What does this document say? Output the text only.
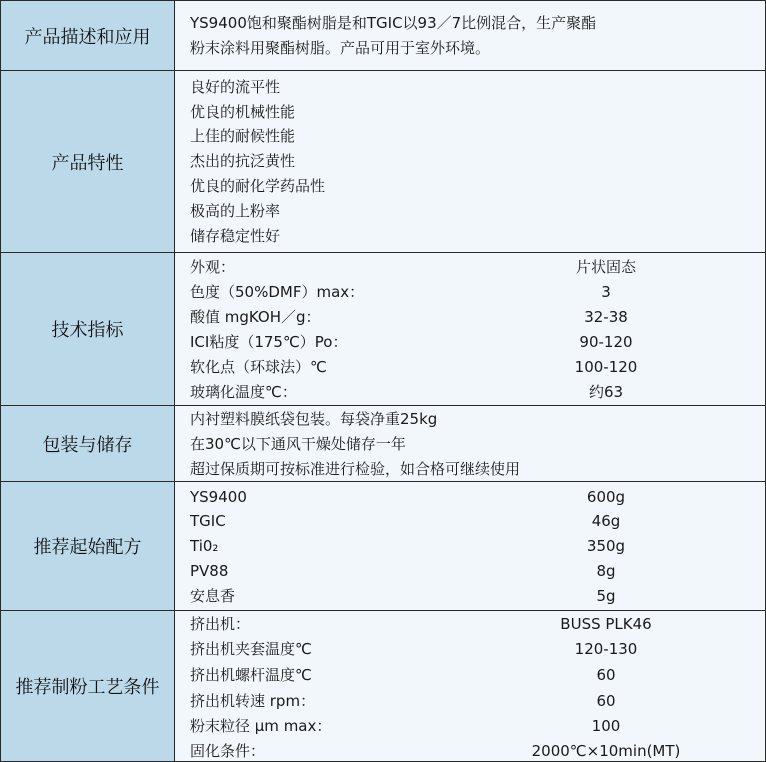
产品描述和应用
YS9400饱和聚酯树脂是和TGIC以93／7比例混合，生产聚酯
粉末涂料用聚酯树脂。产品可用于室外环境。
产品特性
良好的流平性
优良的机械性能
上佳的耐候性能
杰出的抗泛黄性
优良的耐化学药品性
极高的上粉率
储存稳定性好
技术指标
外观：	片状固态
色度（50%DMF）max：	3
酸值 mgKOH／g：	32-38
ICI粘度（175℃）Po：	90-120
软化点（环球法）℃	100-120
玻璃化温度℃：	约63
包装与储存
内衬塑料膜纸袋包装。每袋净重25kg
在30℃以下通风干燥处储存一年
超过保质期可按标准进行检验，如合格可继续使用
推荐起始配方
YS9400	600g
TGIC	46g
Ti0₂	350g
PV88	8g
安息香	5g
推荐制粉工艺条件
挤出机：	BUSS PLK46
挤出机夹套温度℃	120-130
挤出机螺杆温度℃	60
挤出机转速 rpm：	60
粉末粒径 μm max：	100
固化条件：	2000℃×10min(MT)
